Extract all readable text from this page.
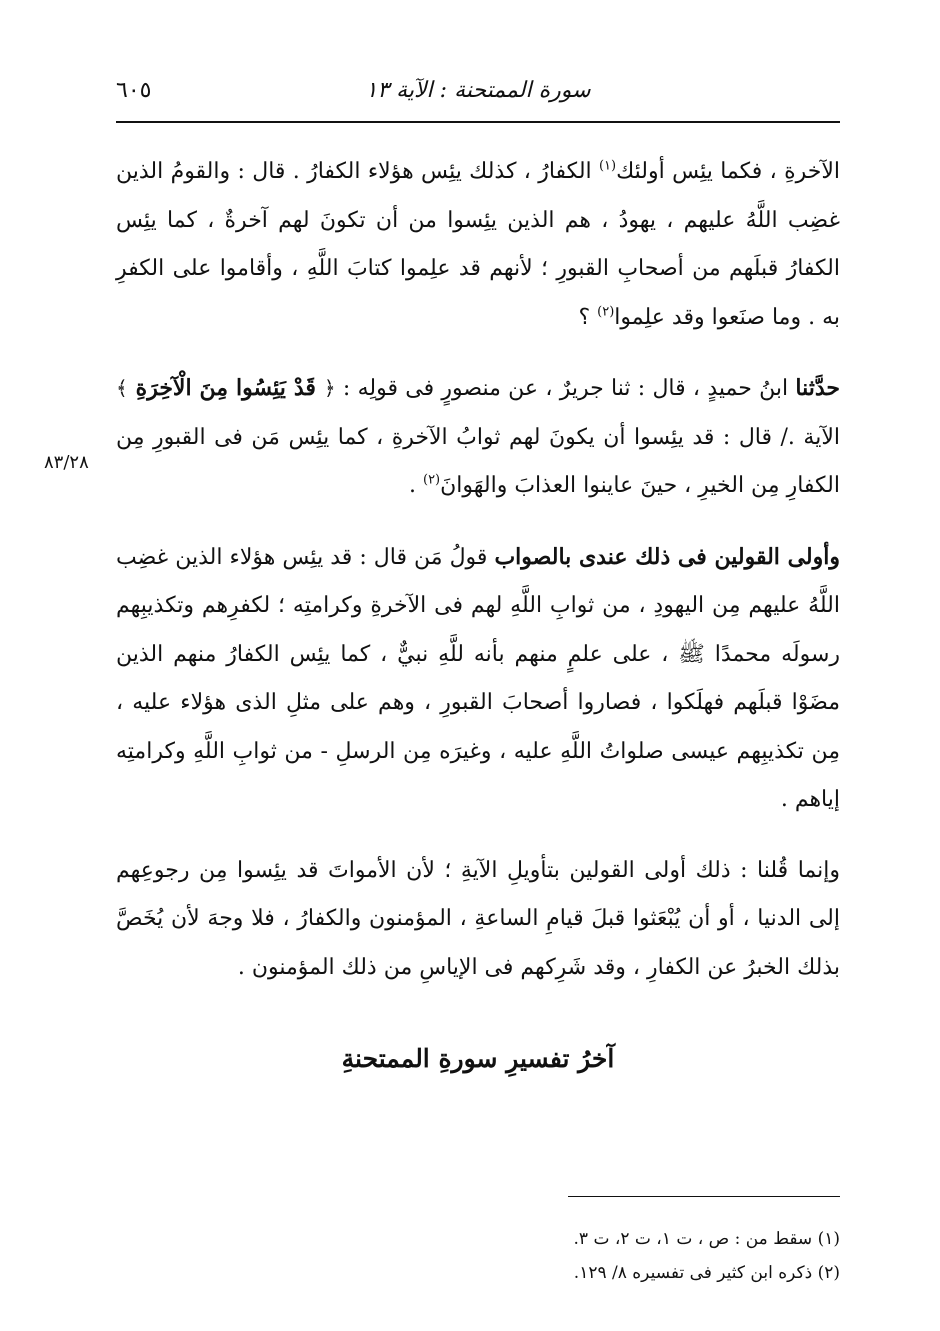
٦٠٥	سورة الممتحنة : الآية ١٣

الآخرةِ ، فكما يئِس أولئك$^{(١)}$ الكفارُ ، كذلك يئِس هؤلاء الكفارُ . قال : والقومُ الذين غضِب اللَّهُ عليهم ، يهودُ ، هم الذين يئِسوا من أن تكونَ لهم آخرةٌ ، كما يئِس الكفارُ قبلَهم من أصحابِ القبورِ ؛ لأنهم قد علِموا كتابَ اللَّهِ ، وأقاموا على الكفرِ به . وما صنَعوا وقد علِموا$^{(٢)}$ ؟

حدَّثنا ابنُ حميدٍ ، قال : ثنا جريرٌ ، عن منصورٍ فى قولِه : ﴿ قَدْ يَئِسُوا مِنَ الْآخِرَةِ ﴾ الآية ./ قال : قد يئِسوا أن يكونَ لهم ثوابُ الآخرةِ ، كما يئِس مَن فى القبورِ مِن الكفارِ مِن الخيرِ ، حينَ عاينوا العذابَ والهَوانَ$^{(٢)}$ .

وأولى القولين فى ذلك عندى بالصواب قولُ مَن قال : قد يئِس هؤلاء الذين غضِب اللَّهُ عليهم مِن اليهودِ ، من ثوابِ اللَّهِ لهم فى الآخرةِ وكرامتِه ؛ لكفرِهم وتكذيبِهم رسولَه محمدًا ﷺ ، على علمٍ منهم بأنه للَّهِ نبيٌّ ، كما يئِس الكفارُ منهم الذين مضَوْا قبلَهم فهلَكوا ، فصاروا أصحابَ القبورِ ، وهم على مثلِ الذى هؤلاء عليه ، مِن تكذيبِهم عيسى صلواتُ اللَّهِ عليه ، وغيرَه مِن الرسلِ - من ثوابِ اللَّهِ وكرامتِه إياهم .

وإنما قُلنا : ذلك أولى القولين بتأويلِ الآيةِ ؛ لأن الأمواتَ قد يئِسوا مِن رجوعِهم إلى الدنيا ، أو أن يُبْعَثوا قبلَ قيامِ الساعةِ ، المؤمنون والكفارُ ، فلا وجهَ لأن يُخَصَّ بذلك الخبرُ عن الكفارِ ، وقد شَرِكهم فى الإياسِ من ذلك المؤمنون .

٨٣/٢٨
آخرُ تفسيرِ سورةِ الممتحنةِ

(١) سقط من : ص ، ت ١، ت ٢، ت ٣.

(٢) ذكره ابن كثير فى تفسيره ٨/ ١٢٩.
